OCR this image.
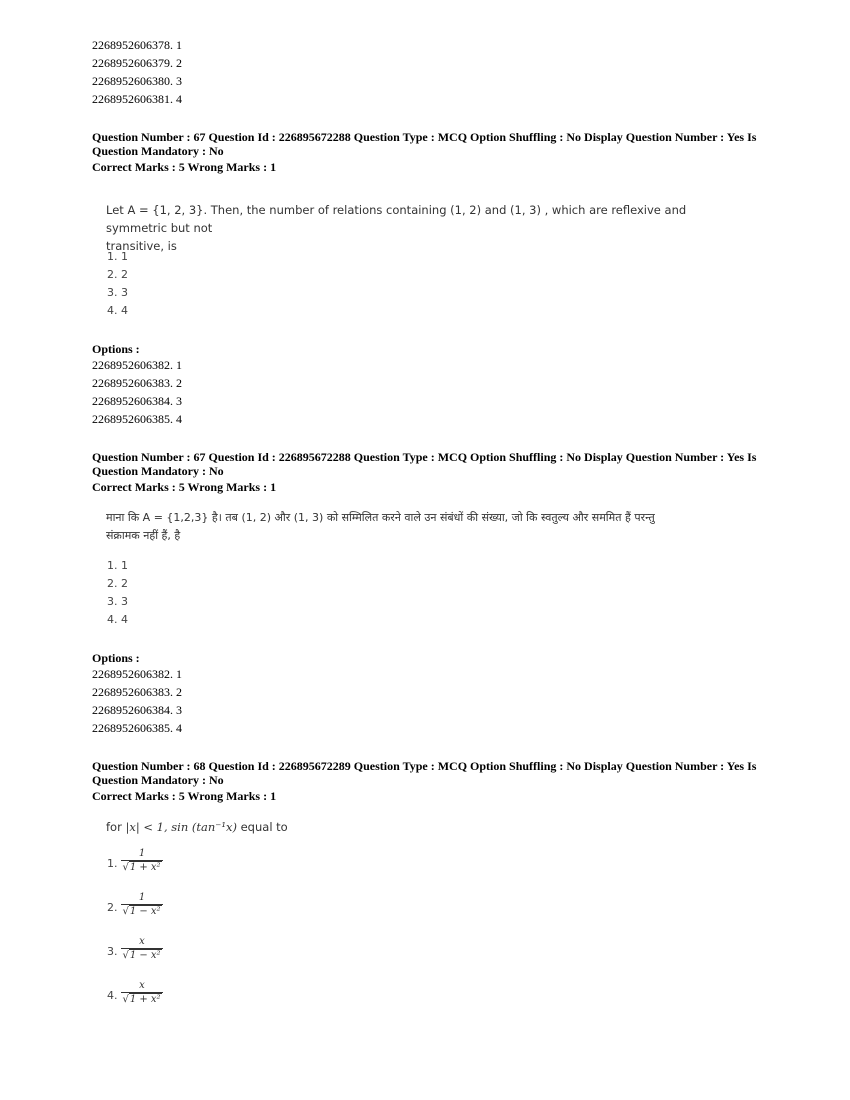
2268952606378. 1
2268952606379. 2
2268952606380. 3
2268952606381. 4
Question Number : 67 Question Id : 226895672288 Question Type : MCQ Option Shuffling : No Display Question Number : Yes Is
Question Mandatory : No
Correct Marks : 5 Wrong Marks : 1
Let A = {1, 2, 3}. Then, the number of relations containing (1, 2) and (1, 3) , which are reflexive and symmetric but not
transitive, is
1. 1
2. 2
3. 3
4. 4
Options :
2268952606382. 1
2268952606383. 2
2268952606384. 3
2268952606385. 4
Question Number : 67 Question Id : 226895672288 Question Type : MCQ Option Shuffling : No Display Question Number : Yes Is
Question Mandatory : No
Correct Marks : 5 Wrong Marks : 1
माना कि A = {1,2,3} है। तब (1, 2) और (1, 3) को सम्मिलित करने वाले उन संबंधों की संख्या, जो कि स्वतुल्य और सममित हैं परन्तु
संक्रामक नहीं हैं, है
1. 1
2. 2
3. 3
4. 4
Options :
2268952606382. 1
2268952606383. 2
2268952606384. 3
2268952606385. 4
Question Number : 68 Question Id : 226895672289 Question Type : MCQ Option Shuffling : No Display Question Number : Yes Is
Question Mandatory : No
Correct Marks : 5 Wrong Marks : 1
for |x| < 1, sin (tan⁻¹x) equal to
1.
1
√1 + x²
2.
1
√1 − x²
3.
x
√1 − x²
4.
x
√1 + x²
